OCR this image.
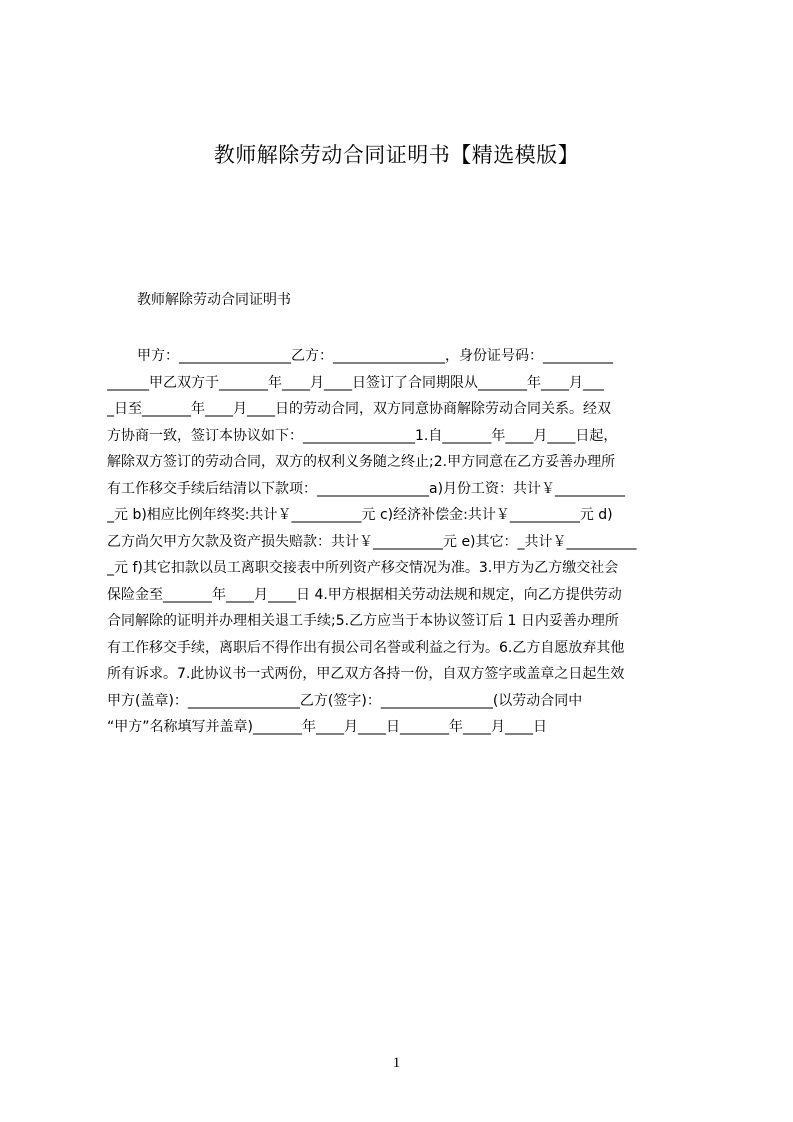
教师解除劳动合同证明书【精选模版】
教师解除劳动合同证明书
甲方：________________乙方：________________，身份证号码：__________
______甲乙双方于_______年____月____日签订了合同期限从_______年____月___
_日至_______年____月____日的劳动合同，双方同意协商解除劳动合同关系。经双
方协商一致，签订本协议如下：________________1.自_______年____月____日起，
解除双方签订的劳动合同，双方的权利义务随之终止;2.甲方同意在乙方妥善办理所
有工作移交手续后结清以下款项：________________a)月份工资：共计￥__________
_元 b)相应比例年终奖:共计￥__________元 c)经济补偿金:共计￥__________元 d)
乙方尚欠甲方欠款及资产损失赔款：共计￥__________元 e)其它：_共计￥__________
_元 f)其它扣款以员工离职交接表中所列资产移交情况为准。3.甲方为乙方缴交社会
保险金至_______年____月____日 4.甲方根据相关劳动法规和规定，向乙方提供劳动
合同解除的证明并办理相关退工手续;5.乙方应当于本协议签订后 1 日内妥善办理所
有工作移交手续，离职后不得作出有损公司名誉或利益之行为。6.乙方自愿放弃其他
所有诉求。7.此协议书一式两份，甲乙双方各持一份，自双方签字或盖章之日起生效
甲方(盖章)：________________乙方(签字)：________________(以劳动合同中
“甲方”名称填写并盖章)_______年____月____日_______年____月____日
1
